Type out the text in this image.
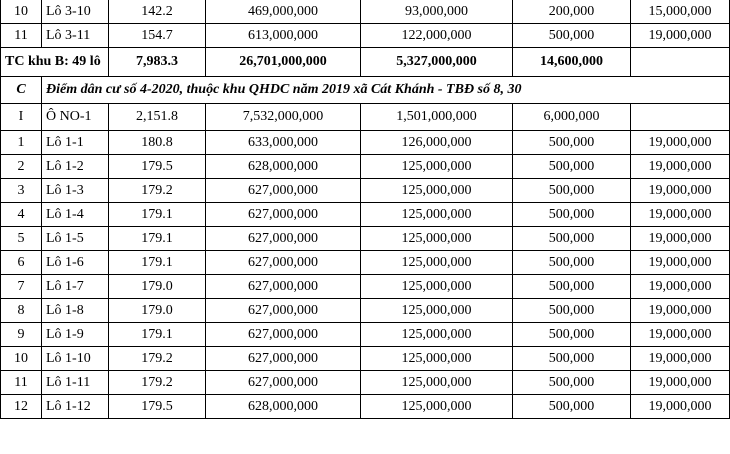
10	Lô 3-10	142.2	469,000,000	93,000,000	200,000	15,000,000
11	Lô 3-11	154.7	613,000,000	122,000,000	500,000	19,000,000
TC khu B: 49 lô		7,983.3	26,701,000,000	5,327,000,000	14,600,000	
C	Điểm dân cư số 4-2020, thuộc khu QHDC năm 2019 xã Cát Khánh - TBĐ số 8, 30					
I	Ô NO-1	2,151.8	7,532,000,000	1,501,000,000	6,000,000	
1	Lô 1-1	180.8	633,000,000	126,000,000	500,000	19,000,000
2	Lô 1-2	179.5	628,000,000	125,000,000	500,000	19,000,000
3	Lô 1-3	179.2	627,000,000	125,000,000	500,000	19,000,000
4	Lô 1-4	179.1	627,000,000	125,000,000	500,000	19,000,000
5	Lô 1-5	179.1	627,000,000	125,000,000	500,000	19,000,000
6	Lô 1-6	179.1	627,000,000	125,000,000	500,000	19,000,000
7	Lô 1-7	179.0	627,000,000	125,000,000	500,000	19,000,000
8	Lô 1-8	179.0	627,000,000	125,000,000	500,000	19,000,000
9	Lô 1-9	179.1	627,000,000	125,000,000	500,000	19,000,000
10	Lô 1-10	179.2	627,000,000	125,000,000	500,000	19,000,000
11	Lô 1-11	179.2	627,000,000	125,000,000	500,000	19,000,000
12	Lô 1-12	179.5	628,000,000	125,000,000	500,000	19,000,000
